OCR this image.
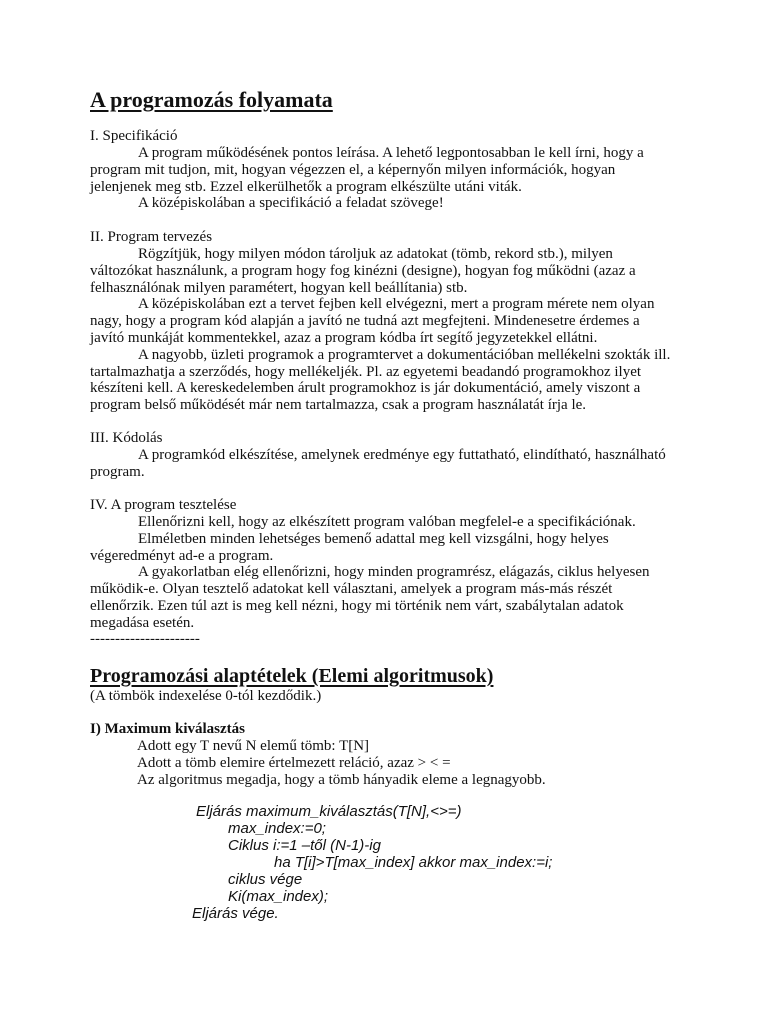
A programozás folyamata
I. Specifikáció

A program működésének pontos leírása. A lehető legpontosabban le kell írni, hogy a program mit tudjon, mit, hogyan végezzen el, a képernyőn milyen információk, hogyan jelenjenek meg stb. Ezzel elkerülhetők a program elkészülte utáni viták.

A középiskolában a specifikáció a feladat szövege!

II. Program tervezés

Rögzítjük, hogy milyen módon tároljuk az adatokat (tömb, rekord stb.), milyen változókat használunk, a program hogy fog kinézni (designe), hogyan fog működni (azaz a felhasználónak milyen paramétert, hogyan kell beállítania) stb.

A középiskolában ezt a tervet fejben kell elvégezni, mert a program mérete nem olyan nagy, hogy a program kód alapján a javító ne tudná azt megfejteni. Mindenesetre érdemes a javító munkáját kommentekkel, azaz a program kódba írt segítő jegyzetekkel ellátni.

A nagyobb, üzleti programok a programtervet a dokumentációban mellékelni szokták ill. tartalmazhatja a szerződés, hogy mellékeljék. Pl. az egyetemi beadandó programokhoz ilyet készíteni kell. A kereskedelemben árult programokhoz is jár dokumentáció, amely viszont a program belső működését már nem tartalmazza, csak a program használatát írja le.

III. Kódolás

A programkód elkészítése, amelynek eredménye egy futtatható, elindítható, használható program.

IV. A program tesztelése

Ellenőrizni kell, hogy az elkészített program valóban megfelel-e a specifikációnak.

Elméletben minden lehetséges bemenő adattal meg kell vizsgálni, hogy helyes végeredményt ad-e a program.

A gyakorlatban elég ellenőrizni, hogy minden programrész, elágazás, ciklus helyesen működik-e. Olyan tesztelő adatokat kell választani, amelyek a program más-más részét ellenőrzik. Ezen túl azt is meg kell nézni, hogy mi történik nem várt, szabálytalan adatok megadása esetén.

----------------------
Programozási alaptételek (Elemi algoritmusok)
(A tömbök indexelése 0-tól kezdődik.)
I) Maximum kiválasztás
Adott egy T nevű N elemű tömb: T[N]
Adott a tömb elemire értelmezett reláció, azaz > < =
Az algoritmus megadja, hogy a tömb hányadik eleme a legnagyobb.
Eljárás maximum_kiválasztás(T[N],<>=)
max_index:=0;
Ciklus i:=1 –től (N-1)-ig
ha T[i]>T[max_index] akkor max_index:=i;
ciklus vége
Ki(max_index);
Eljárás vége.
